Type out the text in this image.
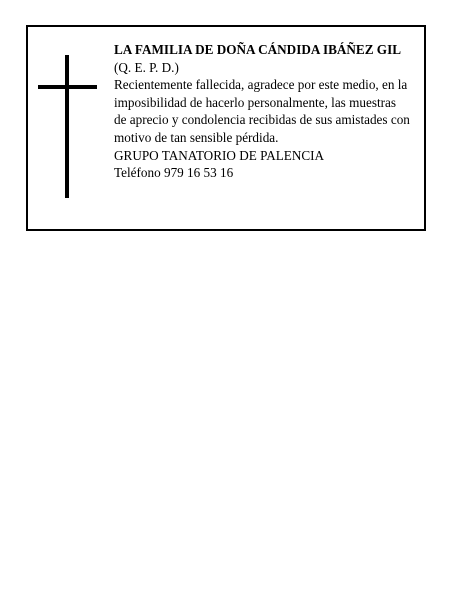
LA FAMILIA DE DOÑA CÁNDIDA IBÁÑEZ GIL
(Q. E. P. D.)
Recientemente fallecida, agradece por este medio, en la
imposibilidad de hacerlo personalmente, las muestras
de aprecio y condolencia recibidas de sus amistades con
motivo de tan sensible pérdida.
GRUPO TANATORIO DE PALENCIA
Teléfono 979 16 53 16
